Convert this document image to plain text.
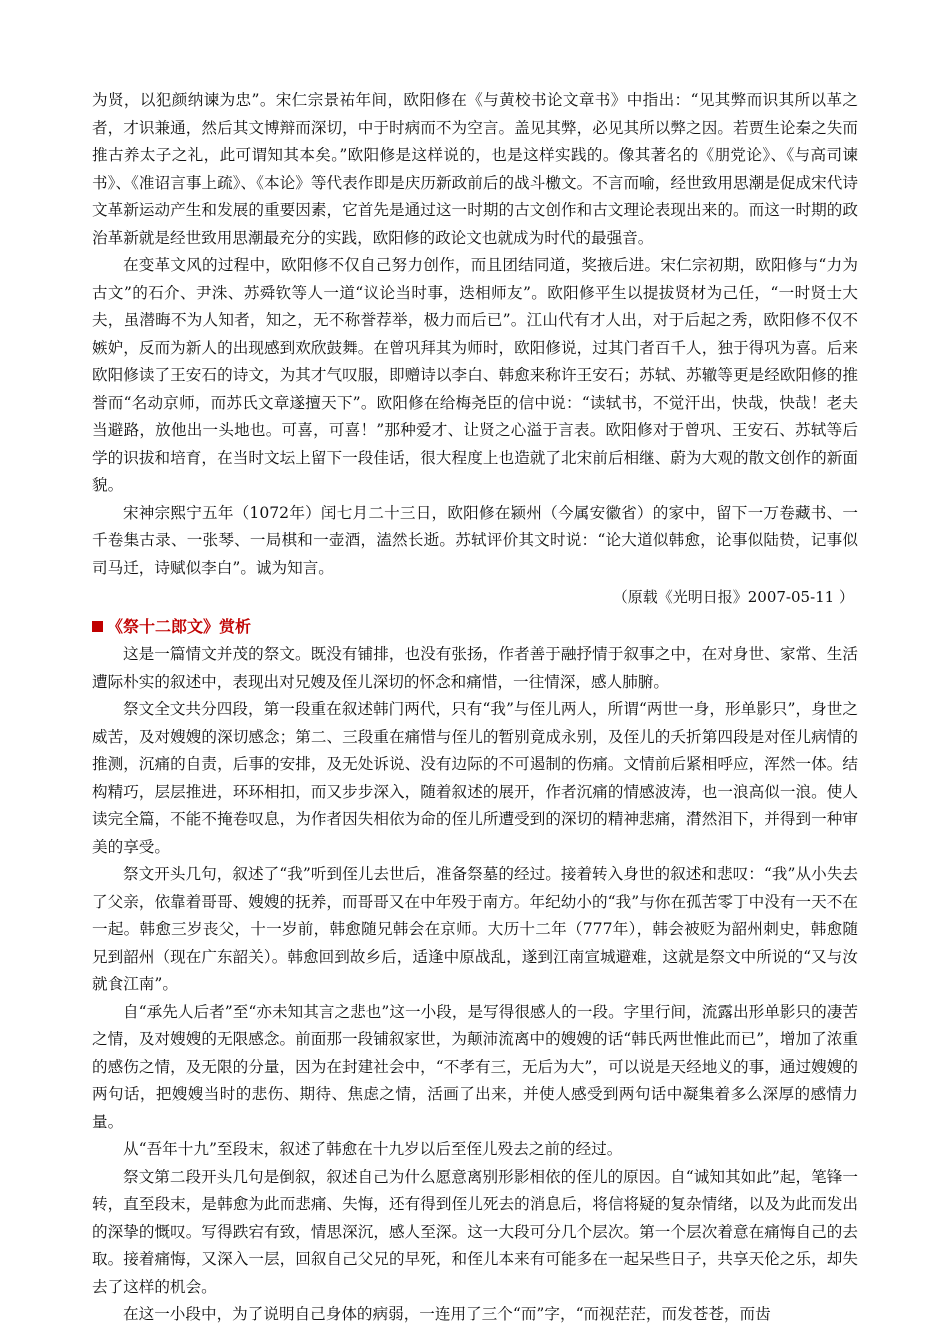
为贤，以犯颜纳谏为忠”。宋仁宗景祐年间，欧阳修在《与黄校书论文章书》中指出：“见其弊而识其所以革之者，才识兼通，然后其文博辩而深切，中于时病而不为空言。盖见其弊，必见其所以弊之因。若贾生论秦之失而推古养太子之礼，此可谓知其本矣。”欧阳修是这样说的，也是这样实践的。像其著名的《朋党论》、《与高司谏书》、《准诏言事上疏》、《本论》等代表作即是庆历新政前后的战斗檄文。不言而喻，经世致用思潮是促成宋代诗文革新运动产生和发展的重要因素，它首先是通过这一时期的古文创作和古文理论表现出来的。而这一时期的政治革新就是经世致用思潮最充分的实践，欧阳修的政论文也就成为时代的最强音。

在变革文风的过程中，欧阳修不仅自己努力创作，而且团结同道，奖掖后进。宋仁宗初期，欧阳修与“力为古文”的石介、尹洙、苏舜钦等人一道“议论当时事，迭相师友”。欧阳修平生以提拔贤材为己任，“一时贤士大夫，虽潜晦不为人知者，知之，无不称誉荐举，极力而后已”。江山代有才人出，对于后起之秀，欧阳修不仅不嫉妒，反而为新人的出现感到欢欣鼓舞。在曾巩拜其为师时，欧阳修说，过其门者百千人，独于得巩为喜。后来欧阳修读了王安石的诗文，为其才气叹服，即赠诗以李白、韩愈来称许王安石；苏轼、苏辙等更是经欧阳修的推誉而“名动京师，而苏氏文章遂擅天下”。欧阳修在给梅尧臣的信中说：“读轼书，不觉汗出，快哉，快哉！老夫当避路，放他出一头地也。可喜，可喜！”那种爱才、让贤之心溢于言表。欧阳修对于曾巩、王安石、苏轼等后学的识拔和培育，在当时文坛上留下一段佳话，很大程度上也造就了北宋前后相继、蔚为大观的散文创作的新面貌。

宋神宗熙宁五年（1072年）闰七月二十三日，欧阳修在颍州（今属安徽省）的家中，留下一万卷藏书、一千卷集古录、一张琴、一局棋和一壶酒，溘然长逝。苏轼评价其文时说：“论大道似韩愈，论事似陆贽，记事似司马迁，诗赋似李白”。诚为知言。

（原载《光明日报》2007-05-11 ）

《祭十二郎文》赏析

这是一篇情文并茂的祭文。既没有铺排，也没有张扬，作者善于融抒情于叙事之中，在对身世、家常、生活遭际朴实的叙述中，表现出对兄嫂及侄儿深切的怀念和痛惜，一往情深，感人肺腑。

祭文全文共分四段，第一段重在叙述韩门两代，只有“我”与侄儿两人，所谓“两世一身，形单影只”，身世之威苦，及对嫂嫂的深切感念；第二、三段重在痛惜与侄儿的暂别竟成永别，及侄儿的夭折第四段是对侄儿病情的推测，沉痛的自责，后事的安排，及无处诉说、没有边际的不可遏制的伤痛。文情前后紧相呼应，浑然一体。结构精巧，层层推进，环环相扣，而又步步深入，随着叙述的展开，作者沉痛的情感波涛，也一浪高似一浪。使人读完全篇，不能不掩卷叹息，为作者因失相依为命的侄儿所遭受到的深切的精神悲痛，潸然泪下，并得到一种审美的享受。

祭文开头几句，叙述了“我”听到侄儿去世后，准备祭墓的经过。接着转入身世的叙述和悲叹：“我”从小失去了父亲，依靠着哥哥、嫂嫂的抚养，而哥哥又在中年殁于南方。年纪幼小的“我”与你在孤苦零丁中没有一天不在一起。韩愈三岁丧父，十一岁前，韩愈随兄韩会在京师。大历十二年（777年），韩会被贬为韶州刺史，韩愈随兄到韶州（现在广东韶关）。韩愈回到故乡后，适逢中原战乱，遂到江南宣城避难，这就是祭文中所说的“又与汝就食江南”。

自“承先人后者”至“亦未知其言之悲也”这一小段，是写得很感人的一段。字里行间，流露出形单影只的凄苦之情，及对嫂嫂的无限感念。前面那一段铺叙家世，为颠沛流离中的嫂嫂的话“韩氏两世惟此而已”，增加了浓重的感伤之情，及无限的分量，因为在封建社会中，“不孝有三，无后为大”，可以说是天经地义的事，通过嫂嫂的两句话，把嫂嫂当时的悲伤、期待、焦虑之情，活画了出来，并使人感受到两句话中凝集着多么深厚的感情力量。

从“吾年十九”至段末，叙述了韩愈在十九岁以后至侄儿殁去之前的经过。

祭文第二段开头几句是倒叙，叙述自己为什么愿意离别形影相依的侄儿的原因。自“诚知其如此”起，笔锋一转，直至段末，是韩愈为此而悲痛、失悔，还有得到侄儿死去的消息后，将信将疑的复杂情绪，以及为此而发出的深挚的慨叹。写得跌宕有致，情思深沉，感人至深。这一大段可分几个层次。第一个层次着意在痛悔自己的去取。接着痛悔，又深入一层，回叙自己父兄的早死，和侄儿本来有可能多在一起呆些日子，共享天伦之乐，却失去了这样的机会。

在这一小段中，为了说明自己身体的病弱，一连用了三个“而”字，“而视茫茫，而发苍苍，而齿
